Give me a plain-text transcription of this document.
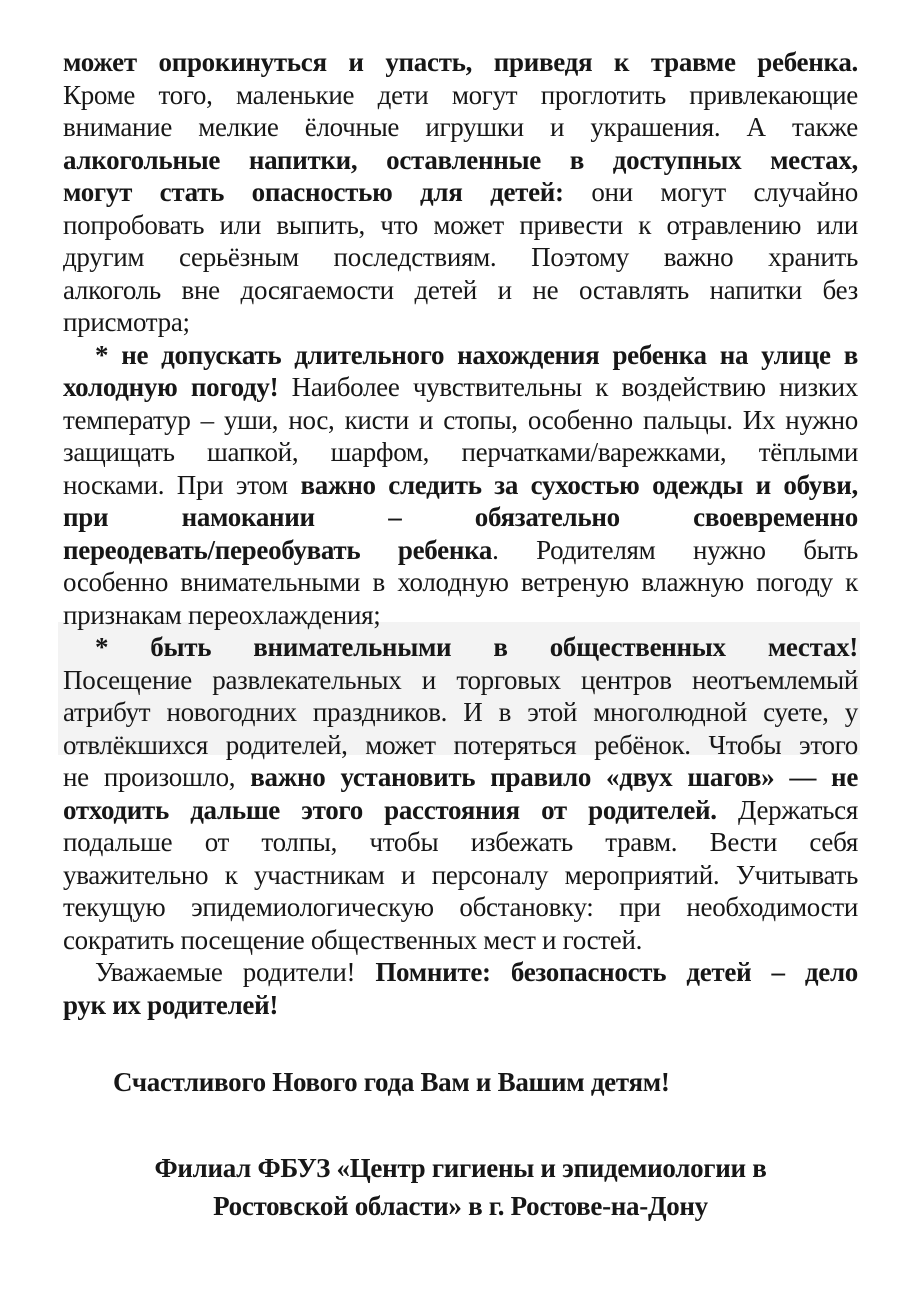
может опрокинуться и упасть, приведя к травме ребенка.
Кроме того, маленькие дети могут проглотить привлекающие
внимание мелкие ёлочные игрушки и украшения. А также
алкогольные напитки, оставленные в доступных местах,
могут стать опасностью для детей: они могут случайно
попробовать или выпить, что может привести к отравлению или
другим серьёзным последствиям. Поэтому важно хранить
алкоголь вне досягаемости детей и не оставлять напитки без
присмотра;
* не допускать длительного нахождения ребенка на улице в
холодную погоду! Наиболее чувствительны к воздействию низких
температур – уши, нос, кисти и стопы, особенно пальцы. Их нужно
защищать шапкой, шарфом, перчатками/варежками, тёплыми
носками. При этом важно следить за сухостью одежды и обуви,
при намокании – обязательно своевременно
переодевать/переобувать ребенка. Родителям нужно быть
особенно внимательными в холодную ветреную влажную погоду к
признакам переохлаждения;
* быть внимательными в общественных местах!
Посещение развлекательных и торговых центров неотъемлемый
атрибут новогодних праздников. И в этой многолюдной суете, у
отвлёкшихся родителей, может потеряться ребёнок. Чтобы этого
не произошло, важно установить правило «двух шагов» — не
отходить дальше этого расстояния от родителей. Держаться
подальше от толпы, чтобы избежать травм. Вести себя
уважительно к участникам и персоналу мероприятий. Учитывать
текущую эпидемиологическую обстановку: при необходимости
сократить посещение общественных мест и гостей.
Уважаемые родители! Помните: безопасность детей – дело
рук их родителей!
Счастливого Нового года Вам и Вашим детям!
Филиал ФБУЗ «Центр гигиены и эпидемиологии в
Ростовской области» в г. Ростове-на-Дону
